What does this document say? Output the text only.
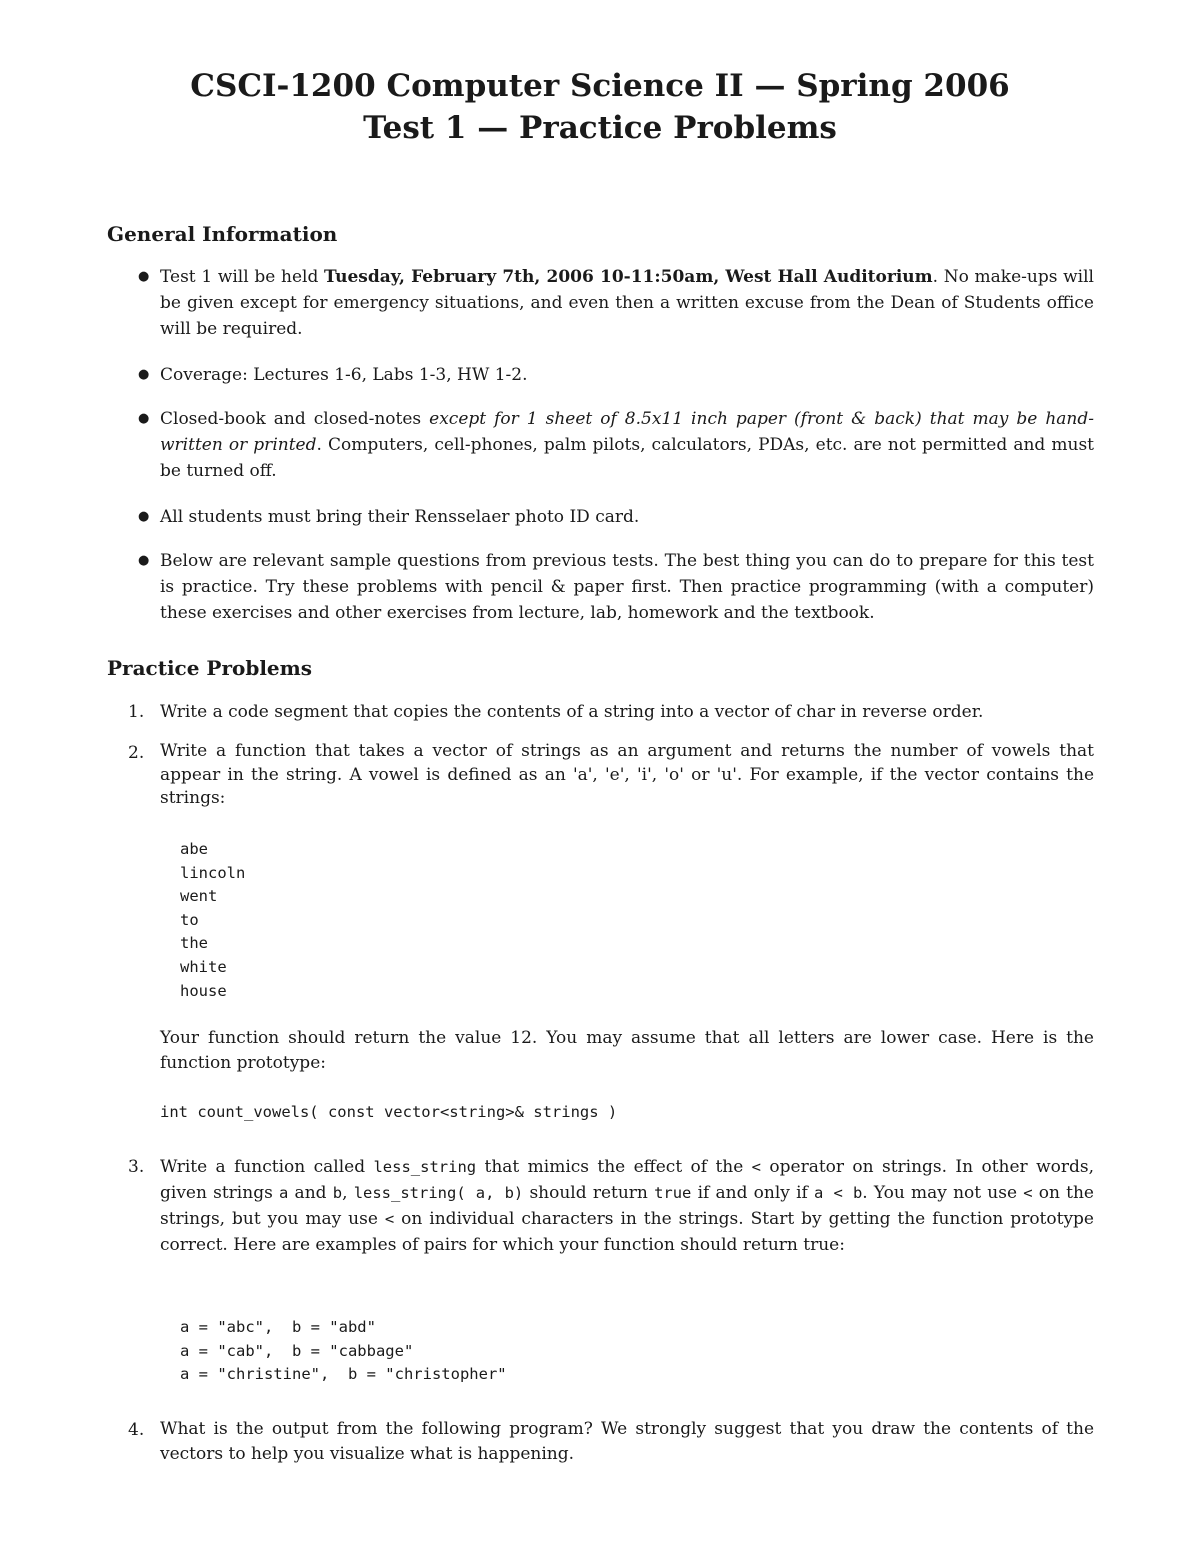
CSCI-1200 Computer Science II — Spring 2006
Test 1 — Practice Problems
General Information
● Test 1 will be held Tuesday, February 7th, 2006 10-11:50am, West Hall Auditorium. No make-ups will be given except for emergency situations, and even then a written excuse from the Dean of Students office will be required.

● Coverage: Lectures 1-6, Labs 1-3, HW 1-2.

● Closed-book and closed-notes except for 1 sheet of 8.5x11 inch paper (front & back) that may be hand-written or printed. Computers, cell-phones, palm pilots, calculators, PDAs, etc. are not permitted and must be turned off.

● All students must bring their Rensselaer photo ID card.

● Below are relevant sample questions from previous tests. The best thing you can do to prepare for this test is practice. Try these problems with pencil & paper first. Then practice programming (with a computer) these exercises and other exercises from lecture, lab, homework and the textbook.

Practice Problems
1. Write a code segment that copies the contents of a string into a vector of char in reverse order.

2. Write a function that takes a vector of strings as an argument and returns the number of vowels that appear in the string. A vowel is defined as an 'a', 'e', 'i', 'o' or 'u'. For example, if the vector contains the strings:

abe
lincoln
went
to
the
white
house

Your function should return the value 12. You may assume that all letters are lower case. Here is the function prototype:

int count_vowels( const vector<string>& strings )
3. Write a function called less_string that mimics the effect of the < operator on strings. In other words, given strings a and b, less_string( a, b) should return true if and only if a < b. You may not use < on the strings, but you may use < on individual characters in the strings. Start by getting the function prototype correct. Here are examples of pairs for which your function should return true:

a = "abc",  b = "abd"
a = "cab",  b = "cabbage"
a = "christine",  b = "christopher"
4. What is the output from the following program? We strongly suggest that you draw the contents of the vectors to help you visualize what is happening.
